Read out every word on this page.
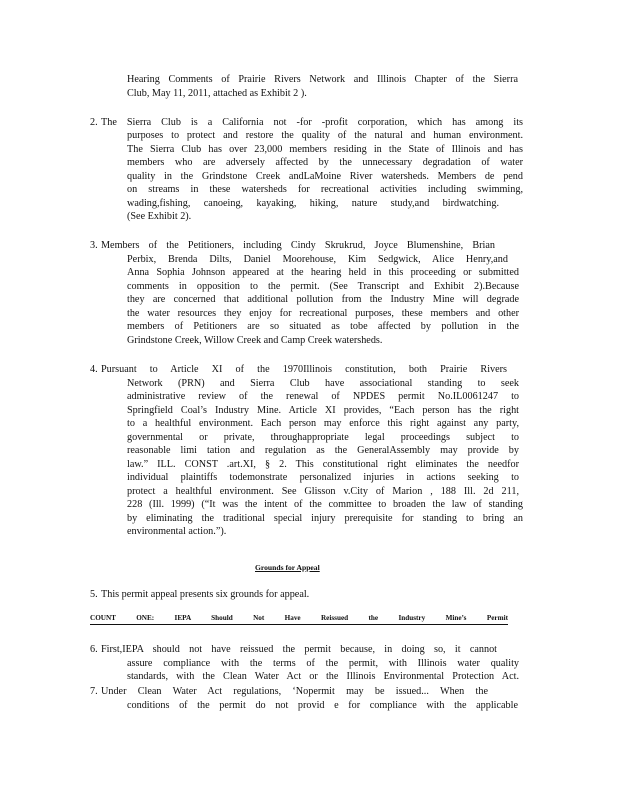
Hearing Comments of Prairie Rivers Network and Illinois Chapter of the Sierra
Club, May 11, 2011, attached as Exhibit 2 ).
2. The Sierra Club is a California not -for -profit corporation, which has among its
purposes to protect and restore the quality of the natural and human environment.
The Sierra Club has over 23,000 members residing in the State of Illinois and has
members who are adversely affected by the unnecessary degradation of water
quality in the Grindstone Creek andLaMoine River watersheds. Members de pend
on streams in these watersheds for recreational activities including swimming,
wading,fishing, canoeing, kayaking, hiking, nature study,and birdwatching.
(See Exhibit 2).
3. Members of the Petitioners, including Cindy Skrukrud, Joyce Blumenshine, Brian
Perbix, Brenda Dilts, Daniel Moorehouse, Kim Sedgwick, Alice Henry,and
Anna Sophia Johnson appeared at the hearing held in this proceeding or submitted
comments in opposition to the permit. (See Transcript and Exhibit 2).Because
they are concerned that additional pollution from the Industry Mine will degrade
the water resources they enjoy for recreational purposes, these members and other
members of Petitioners are so situated as tobe affected by pollution in the
Grindstone Creek, Willow Creek and Camp Creek watersheds.
4. Pursuant to Article XI of the 1970Illinois constitution, both Prairie Rivers
Network (PRN) and Sierra Club have associational standing to seek
administrative review of the renewal of NPDES permit No.IL0061247 to
Springfield Coal’s Industry Mine. Article XI provides, “Each person has the right
to a healthful environment. Each person may enforce this right against any party,
governmental or private, throughappropriate legal proceedings subject to
reasonable limi tation and regulation as the GeneralAssembly may provide by
law.” ILL. CONST .art.XI, § 2. This constitutional right eliminates the needfor
individual plaintiffs todemonstrate personalized injuries in actions seeking to
protect a healthful environment. See Glisson v.City of Marion , 188 Ill. 2d 211,
228 (Ill. 1999) (“It was the intent of the committee to broaden the law of standing
by eliminating the traditional special injury prerequisite for standing to bring an
environmental action.”).
Grounds for Appeal
5. This permit appeal presents six grounds for appeal.
COUNT ONE: IEPA Should Not Have Reissued the Industry Mine’s Permit
6. First,IEPA should not have reissued the permit because, in doing so, it cannot
assure compliance with the terms of the permit, with Illinois water quality
standards, with the Clean Water Act or the Illinois Environmental Protection Act.
7. Under Clean Water Act regulations, ‘Nopermit may be issued... When the
conditions of the permit do not provid e for compliance with the applicable
